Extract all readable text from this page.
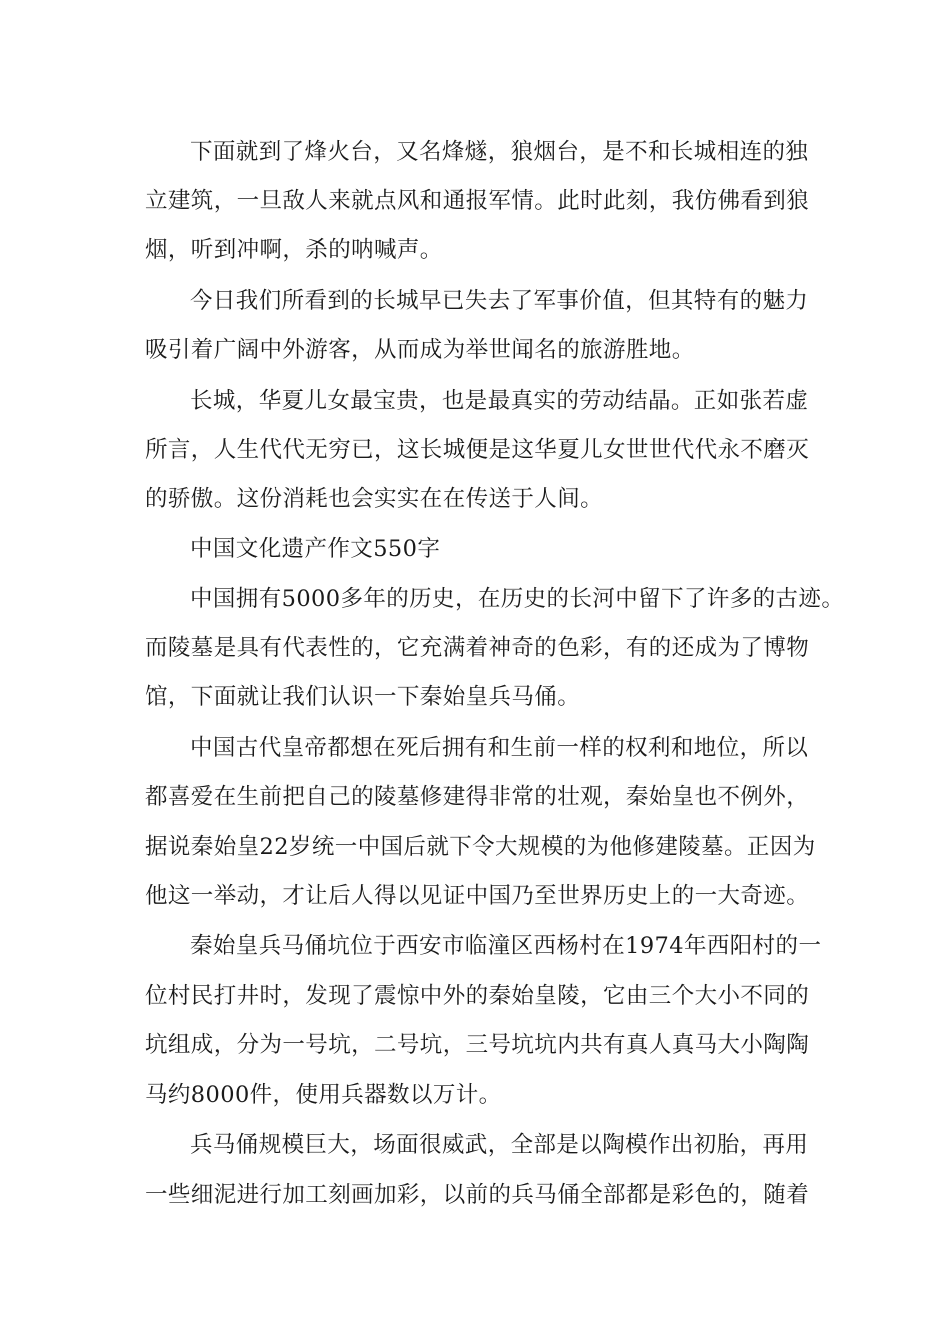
下面就到了烽火台，又名烽燧，狼烟台，是不和长城相连的独
立建筑，一旦敌人来就点风和通报军情。此时此刻，我仿佛看到狼
烟，听到冲啊，杀的呐喊声。
今日我们所看到的长城早已失去了军事价值，但其特有的魅力
吸引着广阔中外游客，从而成为举世闻名的旅游胜地。
长城，华夏儿女最宝贵，也是最真实的劳动结晶。正如张若虚
所言，人生代代无穷已，这长城便是这华夏儿女世世代代永不磨灭
的骄傲。这份消耗也会实实在在传送于人间。
中国文化遗产作文550字
中国拥有5000多年的历史，在历史的长河中留下了许多的古迹。
而陵墓是具有代表性的，它充满着神奇的色彩，有的还成为了博物
馆，下面就让我们认识一下秦始皇兵马俑。
中国古代皇帝都想在死后拥有和生前一样的权利和地位，所以
都喜爱在生前把自己的陵墓修建得非常的壮观，秦始皇也不例外，
据说秦始皇22岁统一中国后就下令大规模的为他修建陵墓。正因为
他这一举动，才让后人得以见证中国乃至世界历史上的一大奇迹。
秦始皇兵马俑坑位于西安市临潼区西杨村在1974年西阳村的一
位村民打井时，发现了震惊中外的秦始皇陵，它由三个大小不同的
坑组成，分为一号坑，二号坑，三号坑坑内共有真人真马大小陶陶
马约8000件，使用兵器数以万计。
兵马俑规模巨大，场面很威武，全部是以陶模作出初胎，再用
一些细泥进行加工刻画加彩，以前的兵马俑全部都是彩色的，随着
